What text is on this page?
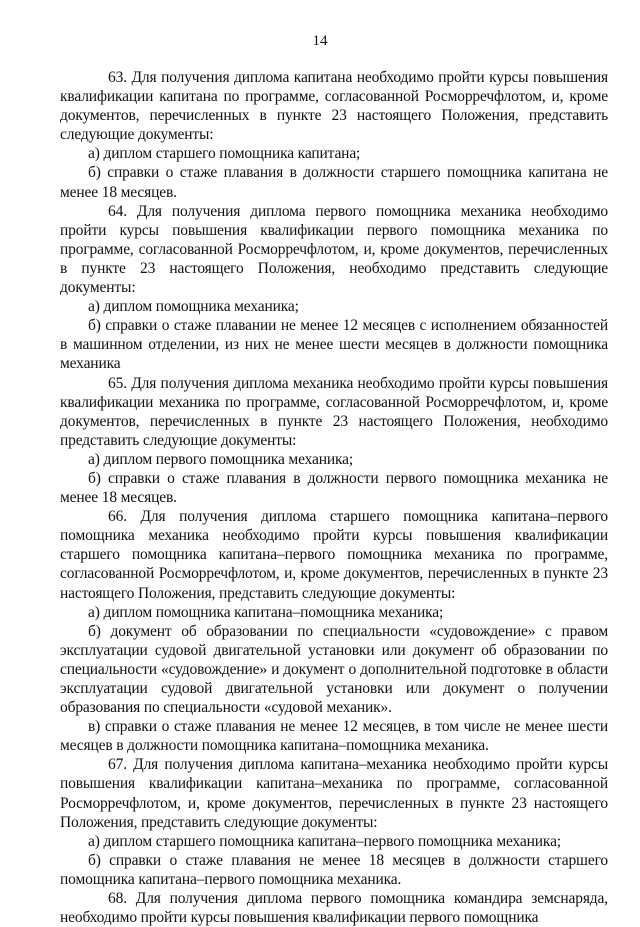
14

63. Для получения диплома капитана необходимо пройти курсы повышения квалификации капитана по программе, согласованной Росморречфлотом, и, кроме документов, перечисленных в пункте 23 настоящего Положения, представить следующие документы:

а) диплом старшего помощника капитана;

б) справки о стаже плавания в должности старшего помощника капитана не менее 18 месяцев.

64. Для получения диплома первого помощника механика необходимо пройти курсы повышения квалификации первого помощника механика по программе, согласованной Росморречфлотом, и, кроме документов, перечисленных в пункте 23 настоящего Положения, необходимо представить следующие документы:

а) диплом помощника механика;

б) справки о стаже плавании не менее 12 месяцев с исполнением обязанностей в машинном отделении, из них не менее шести месяцев в должности помощника механика

65. Для получения диплома механика необходимо пройти курсы повышения квалификации механика по программе, согласованной Росморречфлотом, и, кроме документов, перечисленных в пункте 23 настоящего Положения, необходимо представить следующие документы:

а) диплом первого помощника механика;

б) справки о стаже плавания в должности первого помощника механика не менее 18 месяцев.

66. Для получения диплома старшего помощника капитана–первого помощника механика необходимо пройти курсы повышения квалификации старшего помощника капитана–первого помощника механика по программе, согласованной Росморречфлотом, и, кроме документов, перечисленных в пункте 23 настоящего Положения, представить следующие документы:

а) диплом помощника капитана–помощника механика;

б) документ об образовании по специальности «судовождение» с правом эксплуатации судовой двигательной установки или документ об образовании по специальности «судовождение» и документ о дополнительной подготовке в области эксплуатации судовой двигательной установки или документ о получении образования по специальности «судовой механик».

в) справки о стаже плавания не менее 12 месяцев, в том числе не менее шести месяцев в должности помощника капитана–помощника механика.

67. Для получения диплома капитана–механика необходимо пройти курсы повышения квалификации капитана–механика по программе, согласованной Росморречфлотом, и, кроме документов, перечисленных в пункте 23 настоящего Положения, представить следующие документы:

а) диплом старшего помощника капитана–первого помощника механика;

б) справки о стаже плавания не менее 18 месяцев в должности старшего помощника капитана–первого помощника механика.

68. Для получения диплома первого помощника командира земснаряда, необходимо пройти курсы повышения квалификации первого помощника
